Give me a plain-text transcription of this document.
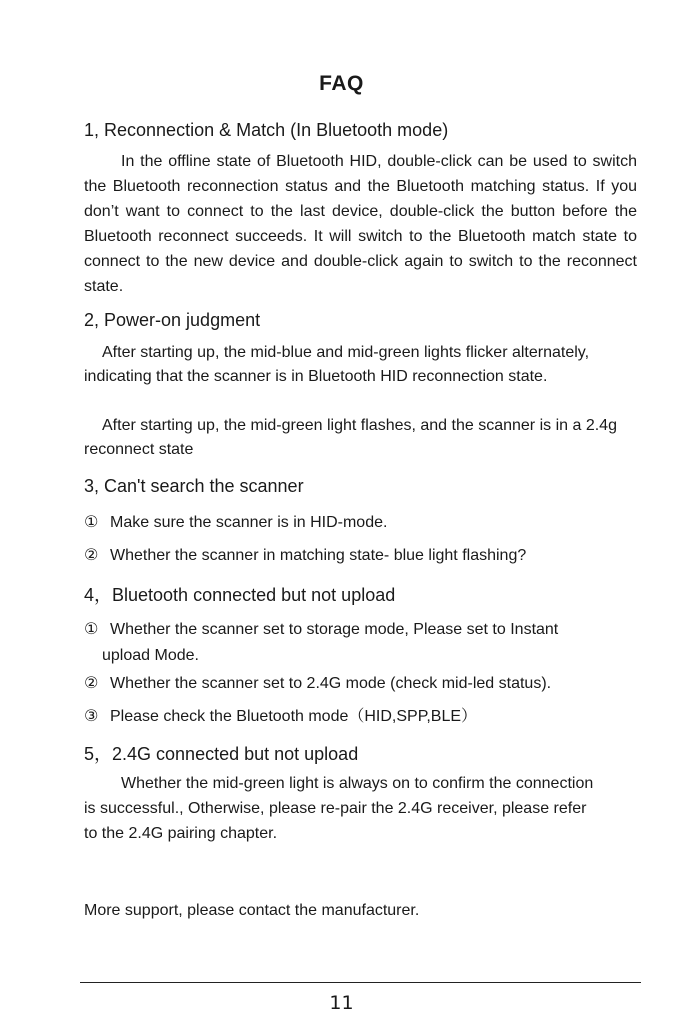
FAQ
1, Reconnection & Match (In Bluetooth mode)

In the offline state of Bluetooth HID, double-click can be used to switch the Bluetooth reconnection status and the Bluetooth matching status. If you don’t want to connect to the last device, double-click the button before the Bluetooth reconnect succeeds. It will switch to the Bluetooth match state to connect to the new device and double-click again to switch to the reconnect state.

2, Power-on judgment

After starting up, the mid-blue and mid-green lights flicker alternately, indicating that the scanner is in Bluetooth HID reconnection state.

After starting up, the mid-green light flashes, and the scanner is in a 2.4g reconnect state

3, Can't search the scanner
① Make sure the scanner is in HID-mode.
② Whether the scanner in matching state- blue light flashing?
4，Bluetooth connected but not upload
① Whether the scanner set to storage mode, Please set to Instant
upload Mode.
② Whether the scanner set to 2.4G mode (check mid-led status).
③ Please check the Bluetooth mode（HID,SPP,BLE）
5，2.4G connected but not upload

Whether the mid-green light is always on to confirm the connection is successful., Otherwise, please re-pair the 2.4G receiver, please refer to the 2.4G pairing chapter.

More support, please contact the manufacturer.
11
